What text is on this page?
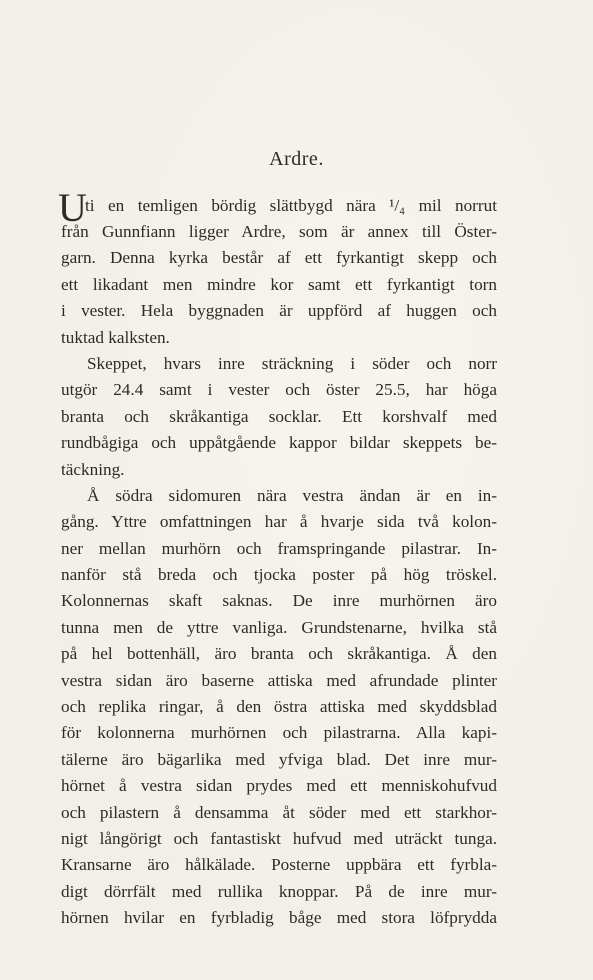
Ardre.
U
ti en temligen bördig slättbygd nära ¹/₄ mil norrut
från Gunnfiann ligger Ardre, som är annex till Öster-
garn. Denna kyrka består af ett fyrkantigt skepp och
ett likadant men mindre kor samt ett fyrkantigt torn
i vester. Hela byggnaden är uppförd af huggen och
tuktad kalksten.
Skeppet, hvars inre sträckning i söder och norr
utgör 24.4 samt i vester och öster 25.5, har höga
branta och skråkantiga socklar. Ett korshvalf med
rundbågiga och uppåtgående kappor bildar skeppets be-
täckning.
Å södra sidomuren nära vestra ändan är en in-
gång. Yttre omfattningen har å hvarje sida två kolon-
ner mellan murhörn och framspringande pilastrar. In-
nanför stå breda och tjocka poster på hög tröskel.
Kolonnernas skaft saknas. De inre murhörnen äro
tunna men de yttre vanliga. Grundstenarne, hvilka stå
på hel bottenhäll, äro branta och skråkantiga. Å den
vestra sidan äro baserne attiska med afrundade plinter
och replika ringar, å den östra attiska med skyddsblad
för kolonnerna murhörnen och pilastrarna. Alla kapi-
tälerne äro bägarlika med yfviga blad. Det inre mur-
hörnet å vestra sidan prydes med ett menniskohufvud
och pilastern å densamma åt söder med ett starkhor-
nigt långörigt och fantastiskt hufvud med uträckt tunga.
Kransarne äro hålkälade. Posterne uppbära ett fyrbla-
digt dörrfält med rullika knoppar. På de inre mur-
hörnen hvilar en fyrbladig båge med stora löfprydda
